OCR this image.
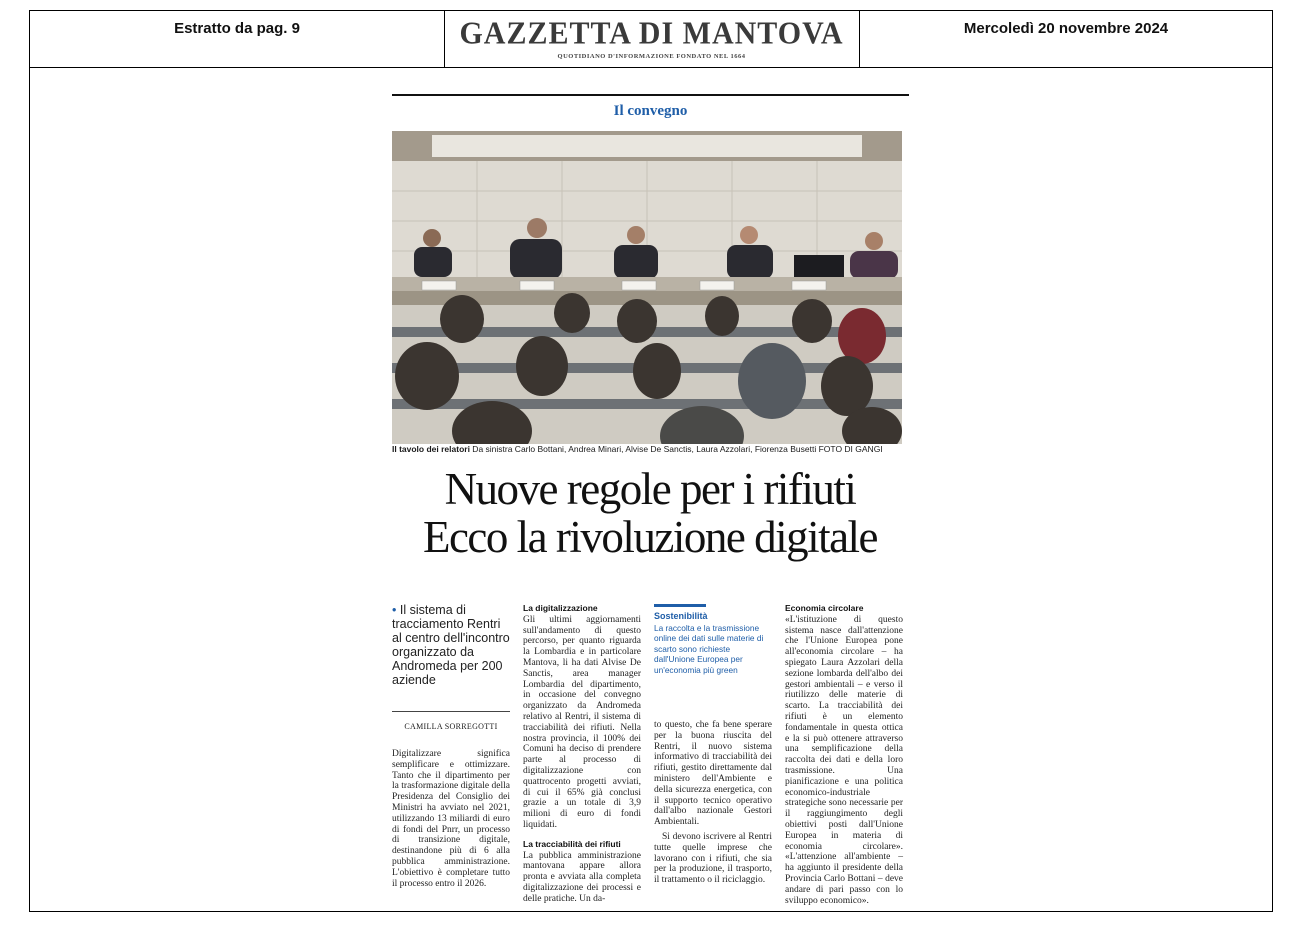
Estratto da pag. 9	GAZZETTA DI MANTOVA
QUOTIDIANO D'INFORMAZIONE FONDATO NEL 1664
Mercoledì 20 novembre 2024
Il convegno
Il tavolo dei relatori Da sinistra Carlo Bottani, Andrea Minari, Alvise De Sanctis, Laura Azzolari, Fiorenza Busetti FOTO DI GANGI
Nuove regole per i rifiuti
Ecco la rivoluzione digitale
• Il sistema di tracciamento Rentri al centro dell'incontro organizzato da Andromeda per 200 aziende
CAMILLA SORREGOTTI
Digitalizzare significa semplificare e ottimizzare. Tanto che il dipartimento per la trasformazione digitale della Presidenza del Consiglio dei Ministri ha avviato nel 2021, utilizzando 13 miliardi di euro di fondi del Pnrr, un processo di transizione digitale, destinandone più di 6 alla pubblica amministrazione. L'obiettivo è completare tutto il processo entro il 2026.
La digitalizzazione
Gli ultimi aggiornamenti sull'andamento di questo percorso, per quanto riguarda la Lombardia e in particolare Mantova, li ha dati Alvise De Sanctis, area manager Lombardia del dipartimento, in occasione del convegno organizzato da Andromeda relativo al Rentri, il sistema di tracciabilità dei rifiuti. Nella nostra provincia, il 100% dei Comuni ha deciso di prendere parte al processo di digitalizzazione con quattrocento progetti avviati, di cui il 65% già conclusi grazie a un totale di 3,9 milioni di euro di fondi liquidati.
La tracciabilità dei rifiuti
La pubblica amministrazione mantovana appare allora pronta e avviata alla completa digitalizzazione dei processi e delle pratiche. Un da-
Sostenibilità
La raccolta e la trasmissione online dei dati sulle materie di scarto sono richieste dall'Unione Europea per un'economia più green
to questo, che fa bene sperare per la buona riuscita del Rentri, il nuovo sistema informativo di tracciabilità dei rifiuti, gestito direttamente dal ministero dell'Ambiente e della sicurezza energetica, con il supporto tecnico operativo dall'albo nazionale Gestori Ambientali.
Si devono iscrivere al Rentri tutte quelle imprese che lavorano con i rifiuti, che sia per la produzione, il trasporto, il trattamento o il riciclaggio.
Economia circolare
«L'istituzione di questo sistema nasce dall'attenzione che l'Unione Europea pone all'economia circolare – ha spiegato Laura Azzolari della sezione lombarda dell'albo dei gestori ambientali – e verso il riutilizzo delle materie di scarto. La tracciabilità dei rifiuti è un elemento fondamentale in questa ottica e la si può ottenere attraverso una semplificazione della raccolta dei dati e della loro trasmissione. Una pianificazione e una politica economico-industriale strategiche sono necessarie per il raggiungimento degli obiettivi posti dall'Unione Europea in materia di economia circolare». «L'attenzione all'ambiente – ha aggiunto il presidente della Provincia Carlo Bottani – deve andare di pari passo con lo sviluppo economico».
